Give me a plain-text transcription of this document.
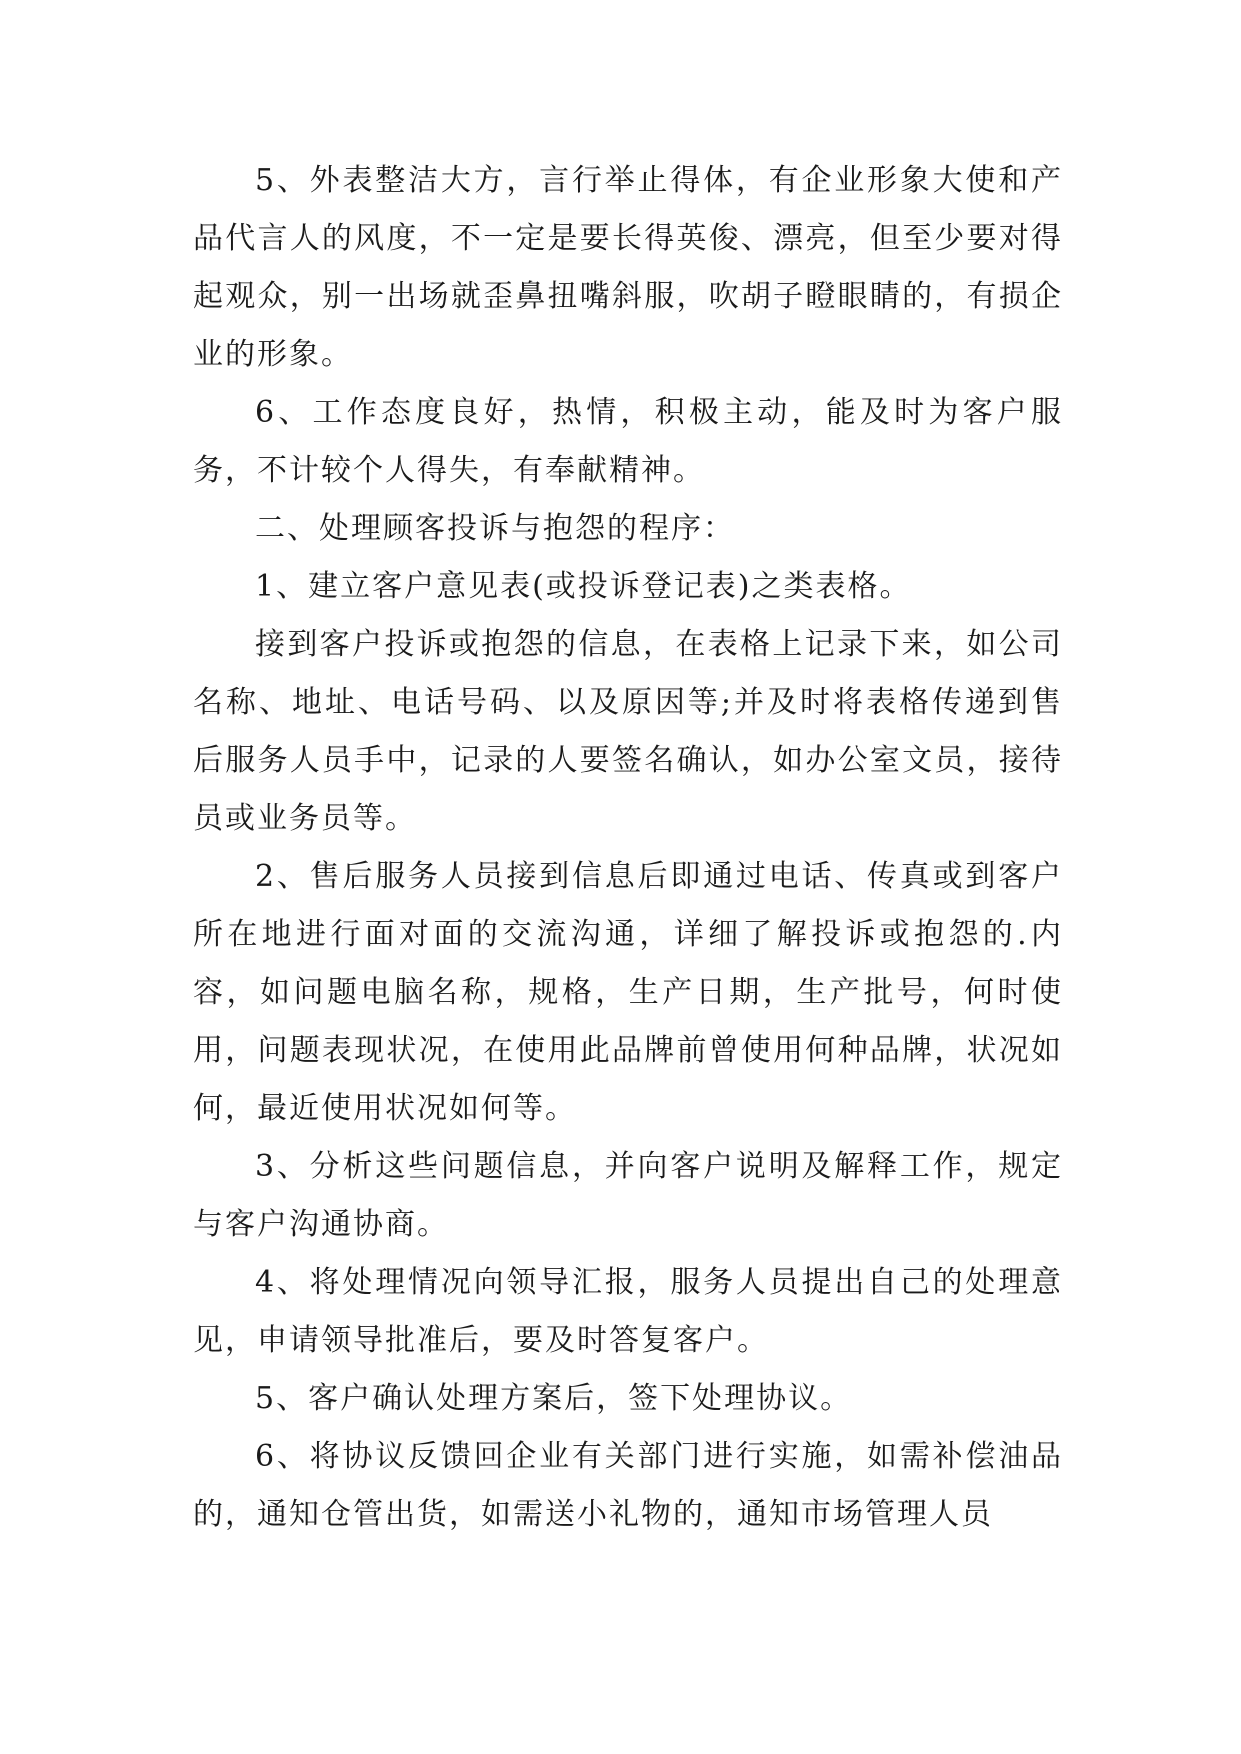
5、外表整洁大方，言行举止得体，有企业形象大使和产品代言人的风度，不一定是要长得英俊、漂亮，但至少要对得起观众，别一出场就歪鼻扭嘴斜服，吹胡子瞪眼睛的，有损企业的形象。

6、工作态度良好，热情，积极主动，能及时为客户服务，不计较个人得失，有奉献精神。

二、处理顾客投诉与抱怨的程序：

1、建立客户意见表(或投诉登记表)之类表格。

接到客户投诉或抱怨的信息，在表格上记录下来，如公司名称、地址、电话号码、以及原因等;并及时将表格传递到售后服务人员手中，记录的人要签名确认，如办公室文员，接待员或业务员等。

2、售后服务人员接到信息后即通过电话、传真或到客户所在地进行面对面的交流沟通，详细了解投诉或抱怨的.内容，如问题电脑名称，规格，生产日期，生产批号，何时使用，问题表现状况，在使用此品牌前曾使用何种品牌，状况如何，最近使用状况如何等。

3、分析这些问题信息，并向客户说明及解释工作，规定与客户沟通协商。

4、将处理情况向领导汇报，服务人员提出自己的处理意见，申请领导批准后，要及时答复客户。

5、客户确认处理方案后，签下处理协议。

6、将协议反馈回企业有关部门进行实施，如需补偿油品的，通知仓管出货，如需送小礼物的，通知市场管理人员
